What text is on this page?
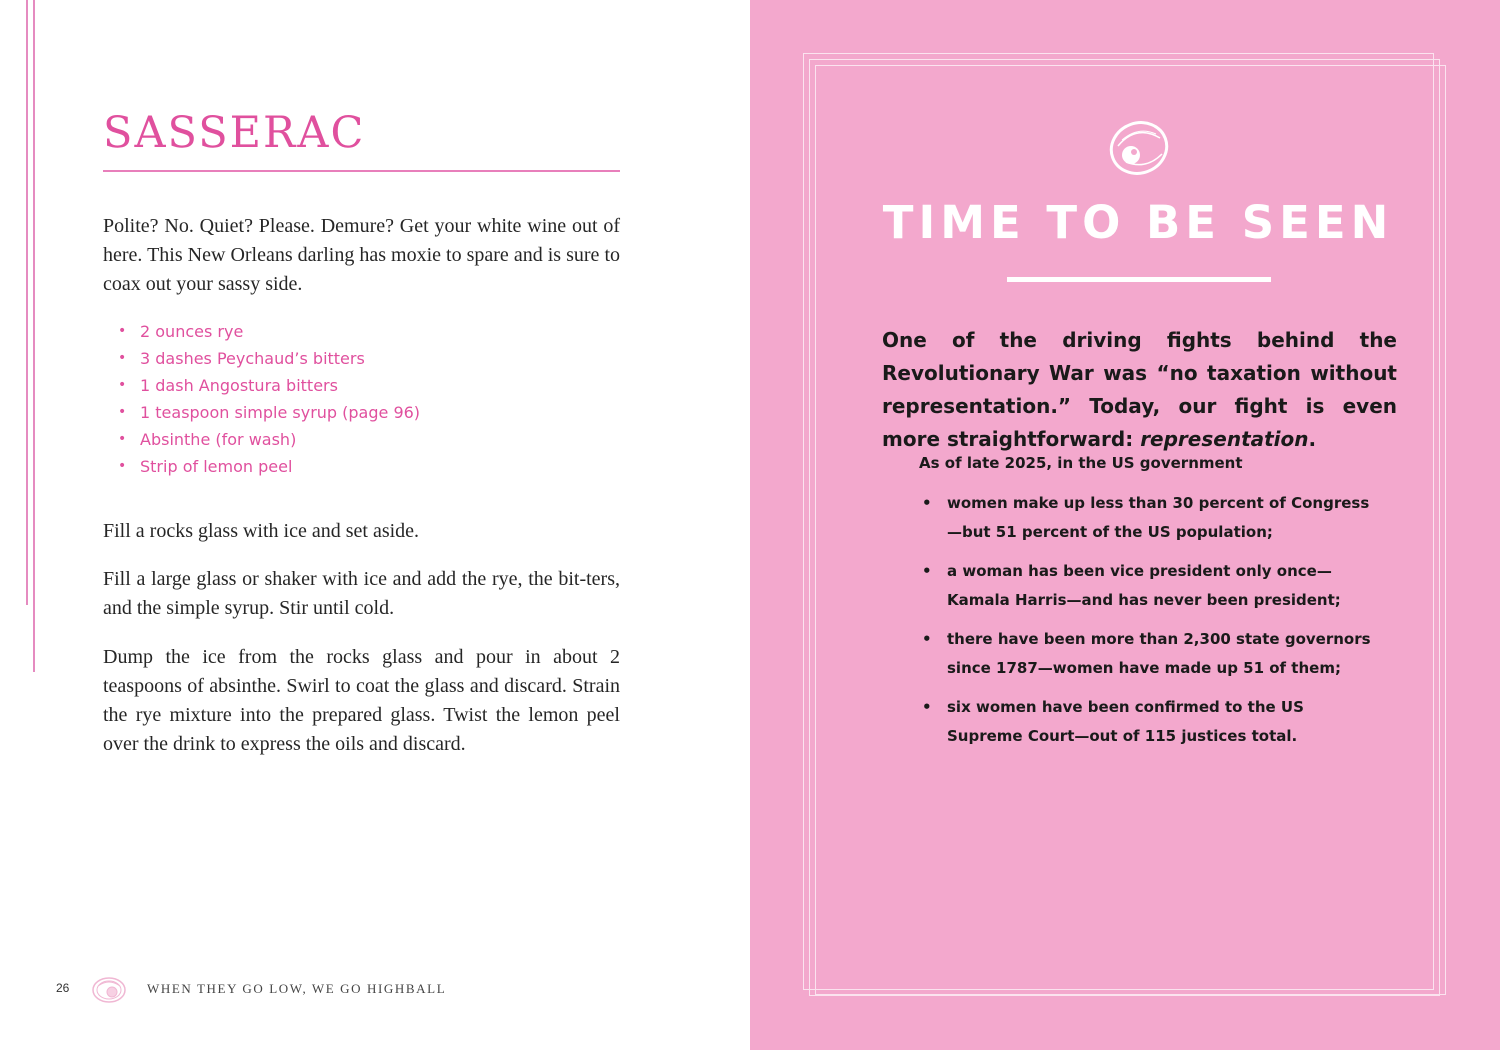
SASSERAC

Polite? No. Quiet? Please. Demure? Get your white wine out of here. This New Orleans darling has moxie to spare and is sure to coax out your sassy side.

• 2 ounces rye
• 3 dashes Peychaud’s bitters
• 1 dash Angostura bitters
• 1 teaspoon simple syrup (page 96)
• Absinthe (for wash)
• Strip of lemon peel

Fill a rocks glass with ice and set aside.

Fill a large glass or shaker with ice and add the rye, the bit-ters, and the simple syrup. Stir until cold.

Dump the ice from the rocks glass and pour in about 2 teaspoons of absinthe. Swirl to coat the glass and discard. Strain the rye mixture into the prepared glass. Twist the lemon peel over the drink to express the oils and discard.

26	WHEN THEY GO LOW, WE GO HIGHBALL
TIME TO BE SEEN

One of the driving fights behind the Revolutionary War was “no taxation without representation.” Today, our fight is even more straightforward: representation.

As of late 2025, in the US government

• women make up less than 30 percent of Congress—but 51 percent of the US population;
• a woman has been vice president only once—Kamala Harris—and has never been president;
• there have been more than 2,300 state governors since 1787—women have made up 51 of them;
• six women have been confirmed to the US Supreme Court—out of 115 justices total.
